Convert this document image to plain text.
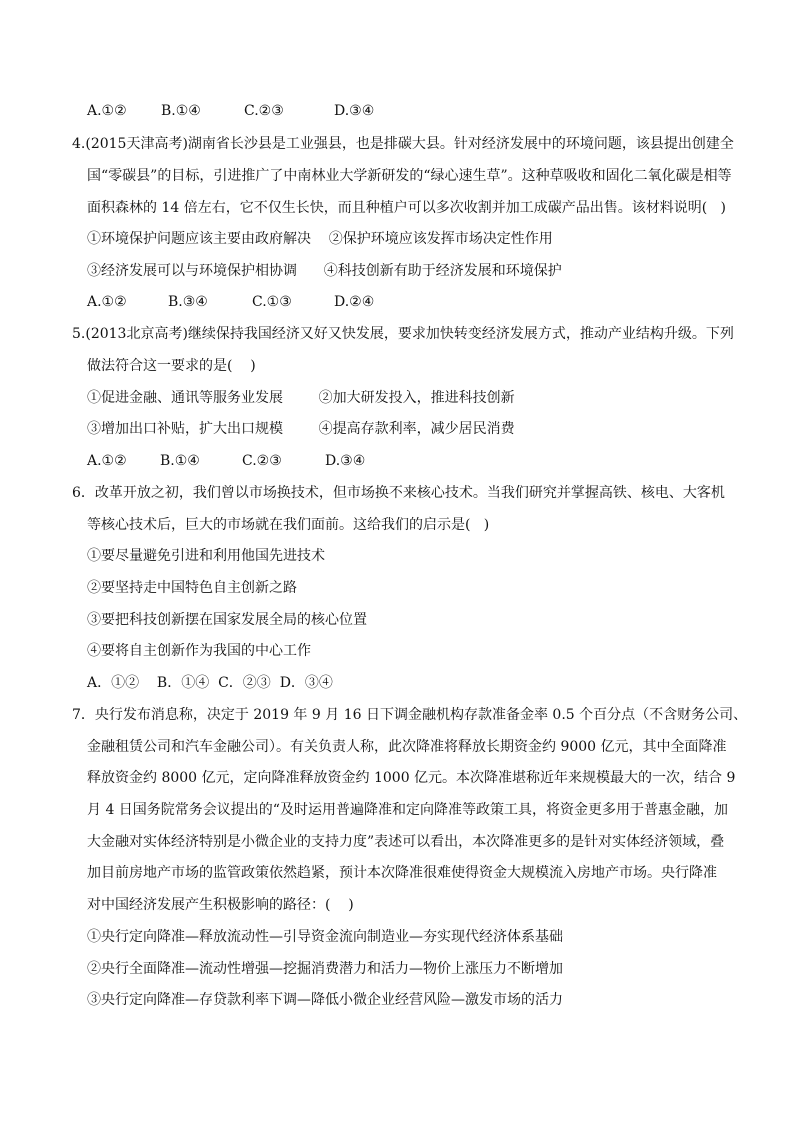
A.①② B.①④	C.②③	D.③④
4.(2015天津高考)湖南省长沙县是工业强县，也是排碳大县。针对经济发展中的环境问题，该县提出创建全
国“零碳县”的目标，引进推广了中南林业大学新研发的“绿心速生草”。这种草吸收和固化二氧化碳是相等
面积森林的 14 倍左右，它不仅生长快，而且种植户可以多次收割并加工成碳产品出售。该材料说明(   )
①环境保护问题应该主要由政府解决    ②保护环境应该发挥市场决定性作用
③经济发展可以与环境保护相协调      ④科技创新有助于经济发展和环境保护
A.①②	B.③④	C.①③	D.②④
5.(2013北京高考)继续保持我国经济又好又快发展，要求加快转变经济发展方式，推动产业结构升级。下列
做法符合这一要求的是(    )
①促进金融、通讯等服务业发展        ②加大研发投入，推进科技创新
③增加出口补贴，扩大出口规模        ④提高存款利率，减少居民消费
A.①② B.①④	C.②③	D.③④
6．改革开放之初，我们曾以市场换技术，但市场换不来核心技术。当我们研究并掌握高铁、核电、大客机
等核心技术后，巨大的市场就在我们面前。这给我们的启示是(   )
①要尽量避免引进和利用他国先进技术
②要坚持走中国特色自主创新之路
③要把科技创新摆在国家发展全局的核心位置
④要将自主创新作为我国的中心工作
A．①②    B．①④  C．②③  D．③④
7．央行发布消息称，决定于 2019 年 9 月 16 日下调金融机构存款准备金率 0.5 个百分点（不含财务公司、
金融租赁公司和汽车金融公司）。有关负责人称，此次降准将释放长期资金约 9000 亿元，其中全面降准
释放资金约 8000 亿元，定向降准释放资金约 1000 亿元。本次降准堪称近年来规模最大的一次，结合 9
月 4 日国务院常务会议提出的“及时运用普遍降准和定向降准等政策工具，将资金更多用于普惠金融，加
大金融对实体经济特别是小微企业的支持力度”表述可以看出，本次降准更多的是针对实体经济领域，叠
加目前房地产市场的监管政策依然趋紧，预计本次降准很难使得资金大规模流入房地产市场。央行降准
对中国经济发展产生积极影响的路径：(    )
①央行定向降准—释放流动性—引导资金流向制造业—夯实现代经济体系基础
②央行全面降准—流动性增强—挖掘消费潜力和活力—物价上涨压力不断增加
③央行定向降准—存贷款利率下调—降低小微企业经营风险—激发市场的活力
